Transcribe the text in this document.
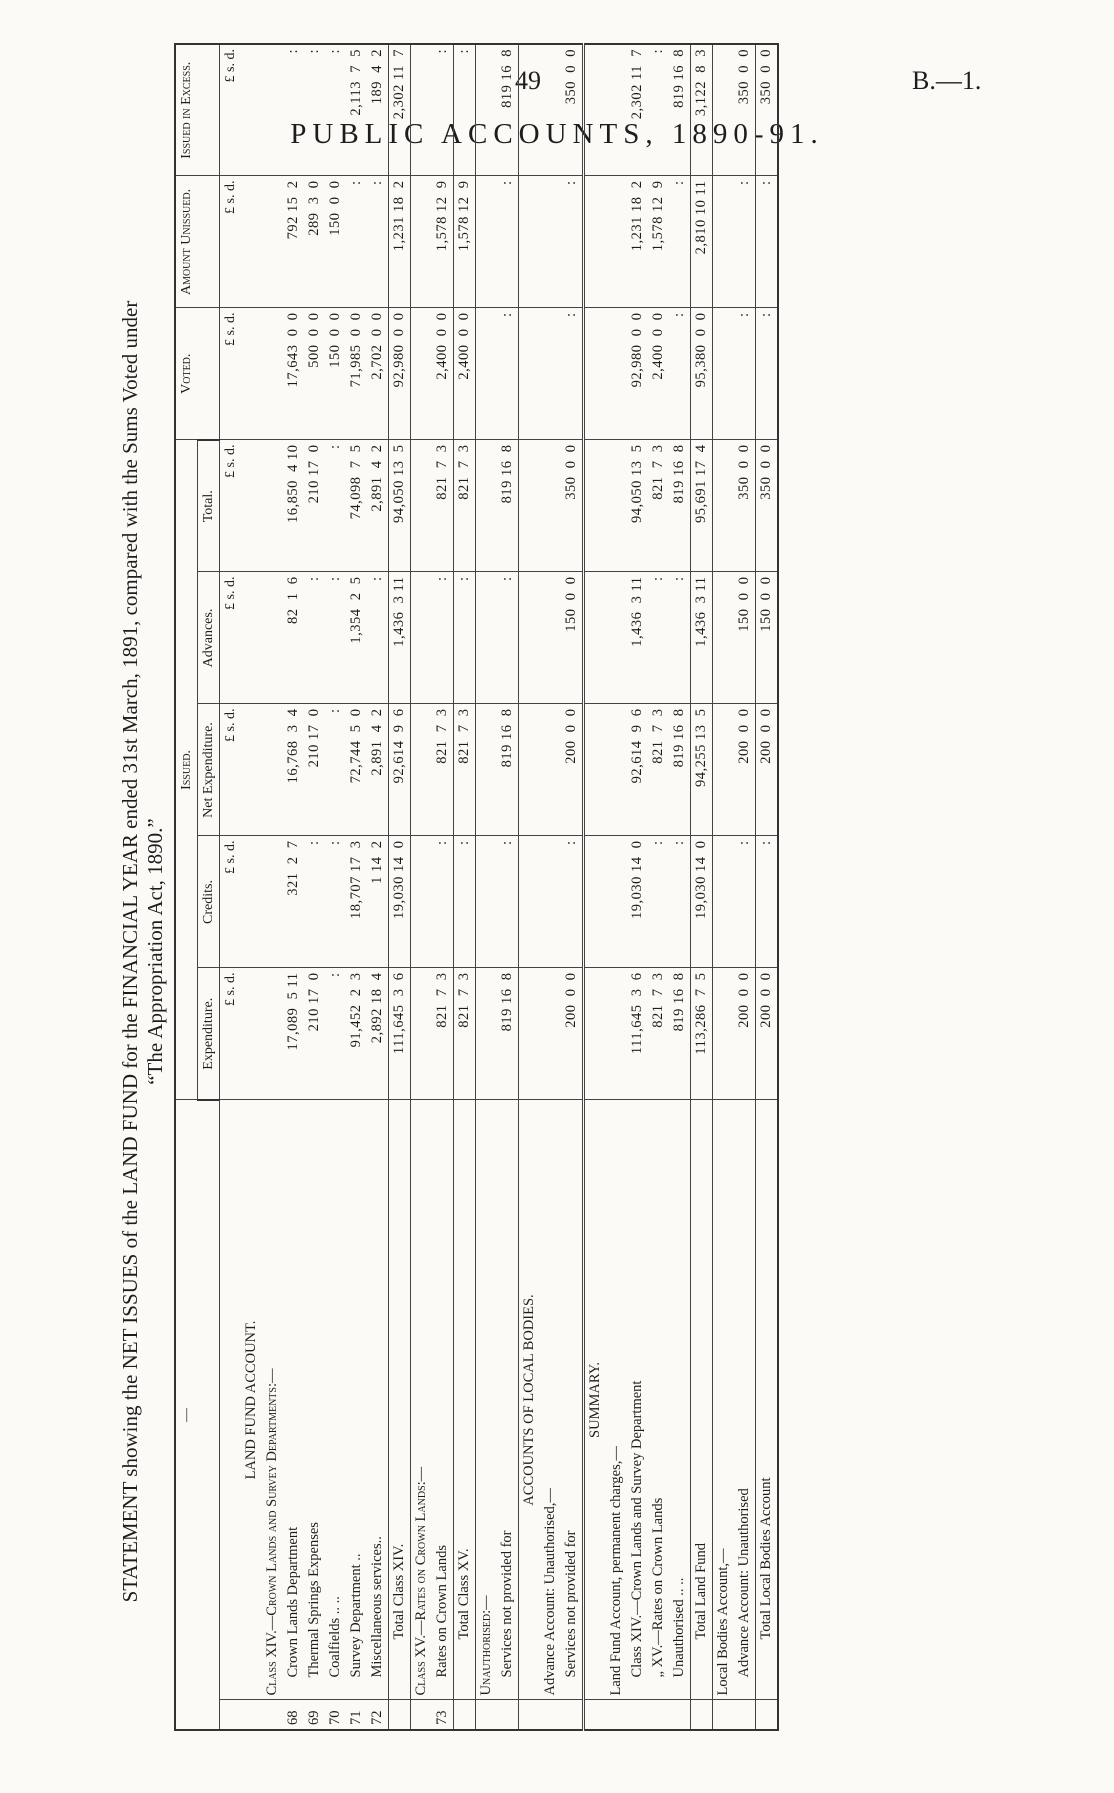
49	B.—1.
PUBLIC ACCOUNTS, 1890-91.
STATEMENT showing the NET ISSUES of the LAND FUND for the FINANCIAL YEAR ended 31st March, 1891, compared with the Sums Voted under “The Appropriation Act, 1890.”
—		Issued.					Voted.	Amount Unissued.	Issued in Excess.
		Expenditure.	Credits.	Net Expenditure.	Advances.	Total.			
		£ s. d.	£ s. d.	£ s. d.	£ s. d.	£ s. d.	£ s. d.	£ s. d.	£ s. d.
	LAND FUND ACCOUNT.								
	Class XIV.—Crown Lands and Survey Departments:—								
68	Crown Lands Department	17,089  5 11	321  2  7	16,768  3  4	82  1  6	16,850  4 10	17,643  0  0	792 15  2	:
69	Thermal Springs Expenses	210 17  0	:	210 17  0	:	210 17  0	500  0  0	289  3  0	:
70	Coalfields .. ..	:	:	:	:	:	150  0  0	150  0  0	:
71	Survey Department ..	91,452  2  3	18,707 17  3	72,744  5  0	1,354  2  5	74,098  7  5	71,985  0  0	:	2,113  7  5
72	Miscellaneous services..	2,892 18  4	1 14  2	2,891  4  2	:	2,891  4  2	2,702  0  0	:	189  4  2
	Total Class XIV.	111,645  3  6	19,030 14  0	92,614  9  6	1,436  3 11	94,050 13  5	92,980  0  0	1,231 18  2	2,302 11  7
	Class XV.—Rates on Crown Lands:—								
73	Rates on Crown Lands	821  7  3	:	821  7  3	:	821  7  3	2,400  0  0	1,578 12  9	:
	Total Class XV.	821  7  3	:	821  7  3	:	821  7  3	2,400  0  0	1,578 12  9	:
	Unauthorised:—								
	Services not provided for	819 16  8	:	819 16  8	:	819 16  8	:	:	819 16  8
	ACCOUNTS OF LOCAL BODIES.								
	Advance Account: Unauthorised,—								
	Services not provided for	200  0  0	:	200  0  0	150  0  0	350  0  0	:	:	350  0  0
	SUMMARY.								
	Land Fund Account, permanent charges,—								
	Class XIV.—Crown Lands and Survey Department	111,645  3  6	19,030 14  0	92,614  9  6	1,436  3 11	94,050 13  5	92,980  0  0	1,231 18  2	2,302 11  7
	„ XV.—Rates on Crown Lands	821  7  3	:	821  7  3	:	821  7  3	2,400  0  0	1,578 12  9	:
	Unauthorised .. ..	819 16  8	:	819 16  8	:	819 16  8	:	:	819 16  8
	Total Land Fund	113,286  7  5	19,030 14  0	94,255 13  5	1,436  3 11	95,691 17  4	95,380  0  0	2,810 10 11	3,122  8  3
	Local Bodies Account,—								
	Advance Account: Unauthorised	200  0  0	:	200  0  0	150  0  0	350  0  0	:	:	350  0  0
	Total Local Bodies Account	200  0  0	:	200  0  0	150  0  0	350  0  0	:	:	350  0  0
